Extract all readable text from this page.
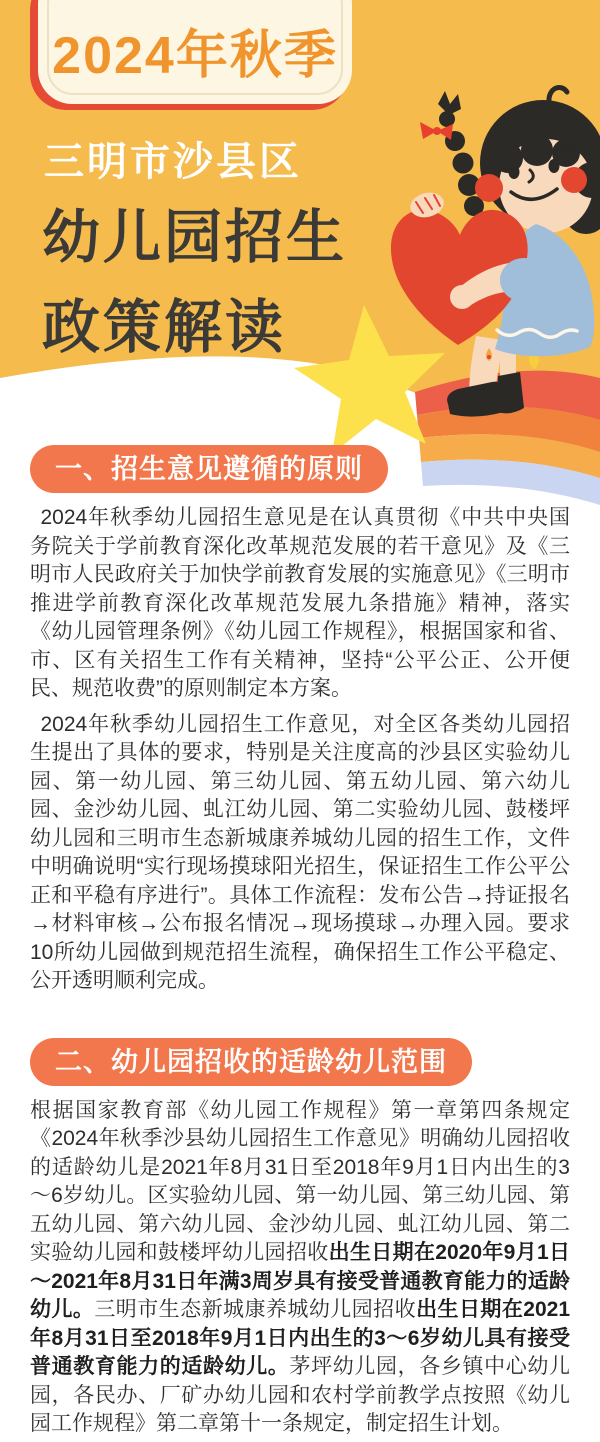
2024年秋季
三明市沙县区
幼儿园招生
政策解读
一、招生意见遵循的原则

2024年秋季幼儿园招生意见是在认真贯彻《中共中央国务院关于学前教育深化改革规范发展的若干意见》及《三明市人民政府关于加快学前教育发展的实施意见》《三明市推进学前教育深化改革规范发展九条措施》精神，落实《幼儿园管理条例》《幼儿园工作规程》，根据国家和省、市、区有关招生工作有关精神，坚持“公平公正、公开便民、规范收费”的原则制定本方案。

2024年秋季幼儿园招生工作意见，对全区各类幼儿园招生提出了具体的要求，特别是关注度高的沙县区实验幼儿园、第一幼儿园、第三幼儿园、第五幼儿园、第六幼儿园、金沙幼儿园、虬江幼儿园、第二实验幼儿园、鼓楼坪幼儿园和三明市生态新城康养城幼儿园的招生工作，文件中明确说明“实行现场摸球阳光招生，保证招生工作公平公正和平稳有序进行”。具体工作流程：发布公告→持证报名→材料审核→公布报名情况→现场摸球→办理入园。要求10所幼儿园做到规范招生流程，确保招生工作公平稳定、公开透明顺利完成。

二、幼儿园招收的适龄幼儿范围

根据国家教育部《幼儿园工作规程》第一章第四条规定《2024年秋季沙县幼儿园招生工作意见》明确幼儿园招收的适龄幼儿是2021年8月31日至2018年9月1日内出生的3～6岁幼儿。区实验幼儿园、第一幼儿园、第三幼儿园、第五幼儿园、第六幼儿园、金沙幼儿园、虬江幼儿园、第二实验幼儿园和鼓楼坪幼儿园招收出生日期在2020年9月1日～2021年8月31日年满3周岁具有接受普通教育能力的适龄幼儿。三明市生态新城康养城幼儿园招收出生日期在2021年8月31日至2018年9月1日内出生的3～6岁幼儿具有接受普通教育能力的适龄幼儿。茅坪幼儿园，各乡镇中心幼儿园，各民办、厂矿办幼儿园和农村学前教学点按照《幼儿园工作规程》第二章第十一条规定，制定招生计划。
